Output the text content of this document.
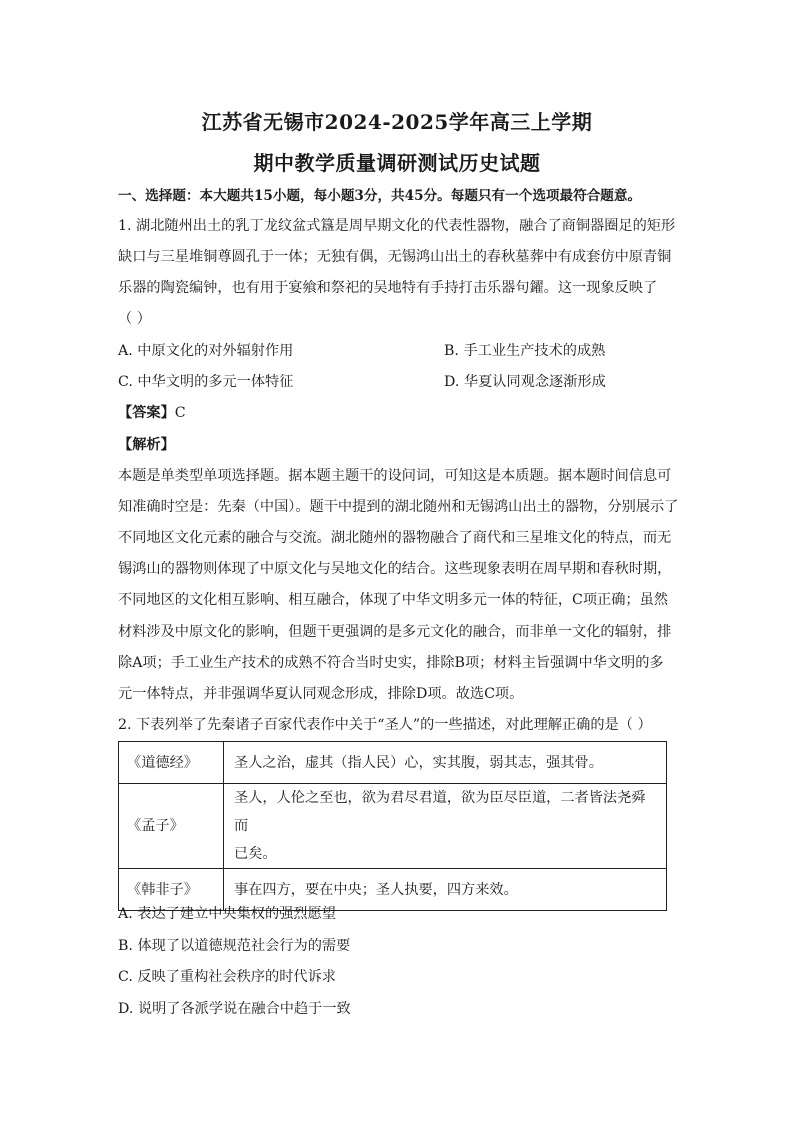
江苏省无锡市2024-2025学年高三上学期
期中教学质量调研测试历史试题
一、选择题：本大题共15小题，每小题3分，共45分。每题只有一个选项最符合题意。
1. 湖北随州出土的乳丁龙纹盆式簋是周早期文化的代表性器物，融合了商铜器圈足的矩形
缺口与三星堆铜尊圆孔于一体；无独有偶，无锡鸿山出土的春秋墓葬中有成套仿中原青铜
乐器的陶瓷编钟，也有用于宴飨和祭祀的吴地特有手持打击乐器句鑃。这一现象反映了
（ ）
A. 中原文化的对外辐射作用	B. 手工业生产技术的成熟
C. 中华文明的多元一体特征	D. 华夏认同观念逐渐形成
【答案】C
【解析】
本题是单类型单项选择题。据本题主题干的设问词，可知这是本质题。据本题时间信息可
知准确时空是：先秦（中国）。题干中提到的湖北随州和无锡鸿山出土的器物，分别展示了
不同地区文化元素的融合与交流。湖北随州的器物融合了商代和三星堆文化的特点，而无
锡鸿山的器物则体现了中原文化与吴地文化的结合。这些现象表明在周早期和春秋时期，
不同地区的文化相互影响、相互融合，体现了中华文明多元一体的特征，C项正确；虽然
材料涉及中原文化的影响，但题干更强调的是多元文化的融合，而非单一文化的辐射，排
除A项；手工业生产技术的成熟不符合当时史实，排除B项；材料主旨强调中华文明的多
元一体特点，并非强调华夏认同观念形成，排除D项。故选C项。
2. 下表列举了先秦诸子百家代表作中关于“圣人”的一些描述，对此理解正确的是（ ）
《道德经》	圣人之治，虚其（指人民）心，实其腹，弱其志，强其骨。
《孟子》	圣人，人伦之至也，欲为君尽君道，欲为臣尽臣道，二者皆法尧舜而
已矣。

《韩非子》	事在四方，要在中央；圣人执要，四方来效。
A. 表达了建立中央集权的强烈愿望
B. 体现了以道德规范社会行为的需要
C. 反映了重构社会秩序的时代诉求
D. 说明了各派学说在融合中趋于一致
